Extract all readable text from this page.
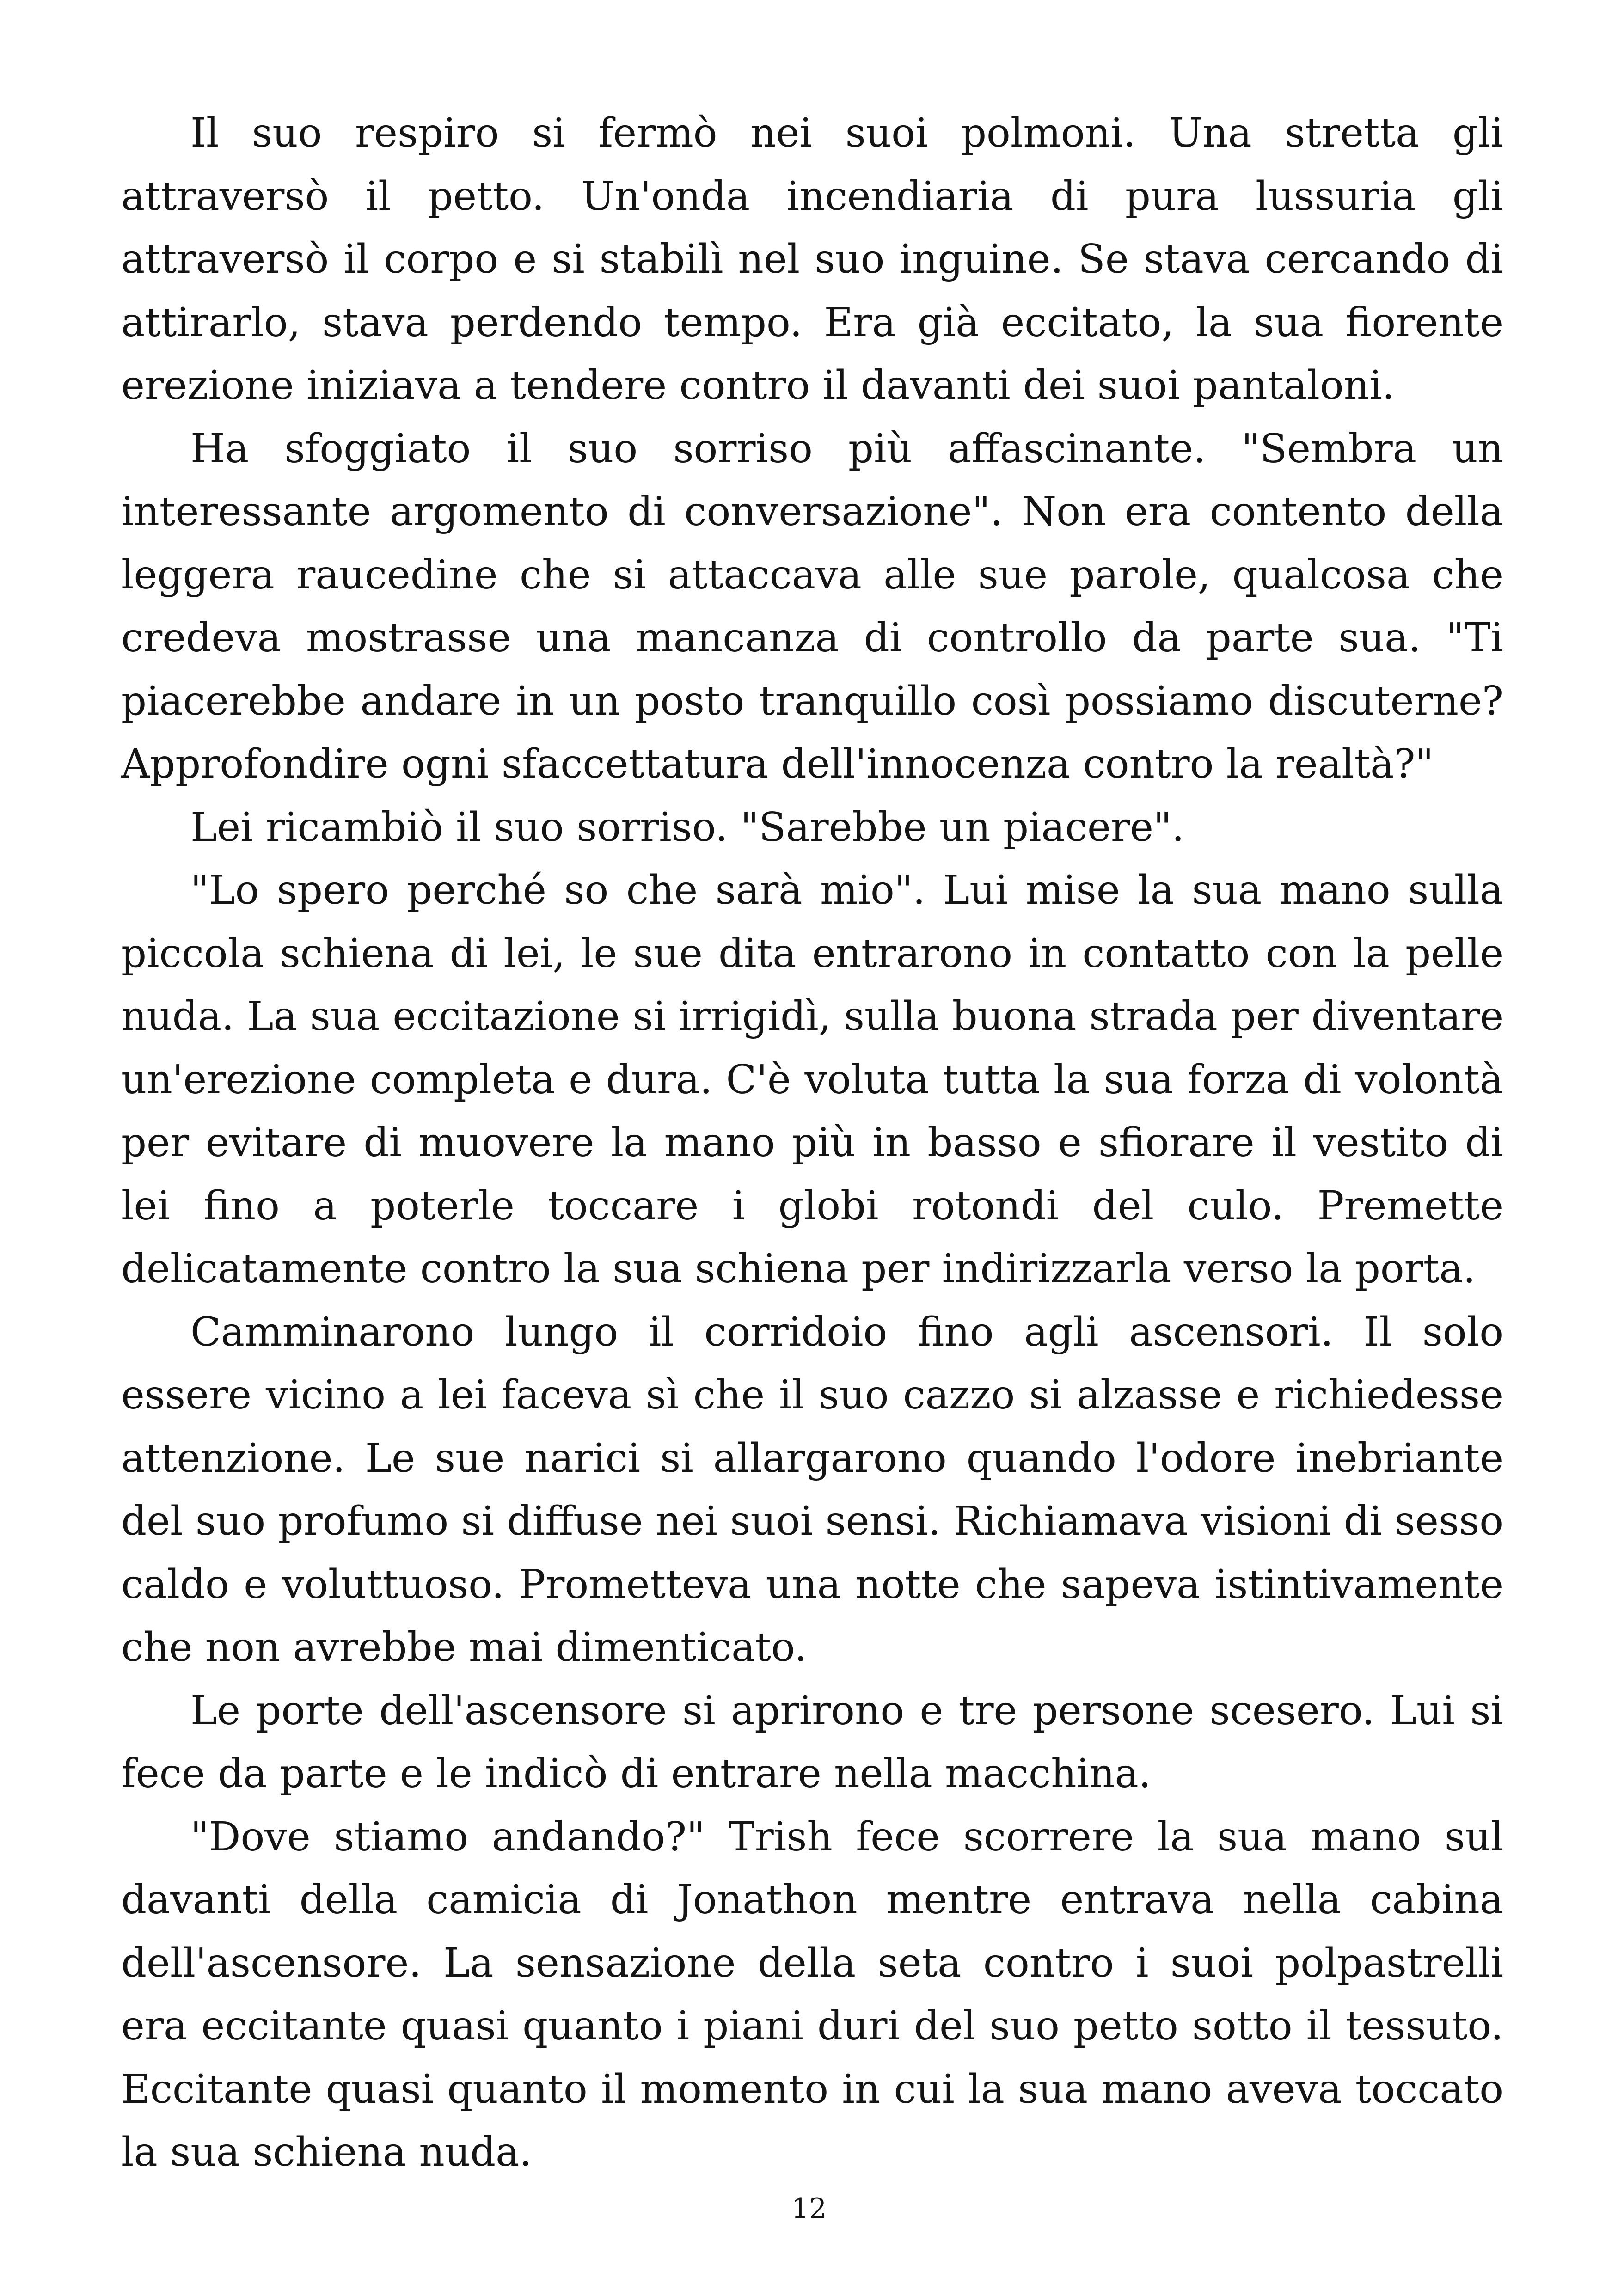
Il suo respiro si fermò nei suoi polmoni. Una stretta gli attraversò il petto. Un'onda incendiaria di pura lussuria gli attraversò il corpo e si stabilì nel suo inguine. Se stava cercando di attirarlo, stava perdendo tempo. Era già eccitato, la sua fiorente erezione iniziava a tendere contro il davanti dei suoi pantaloni.

Ha sfoggiato il suo sorriso più affascinante. "Sembra un interessante argomento di conversazione". Non era contento della leggera raucedine che si attaccava alle sue parole, qualcosa che credeva mostrasse una mancanza di controllo da parte sua. "Ti piacerebbe andare in un posto tranquillo così possiamo discuterne? Approfondire ogni sfaccettatura dell'innocenza contro la realtà?"

Lei ricambiò il suo sorriso. "Sarebbe un piacere".

"Lo spero perché so che sarà mio". Lui mise la sua mano sulla piccola schiena di lei, le sue dita entrarono in contatto con la pelle nuda. La sua eccitazione si irrigidì, sulla buona strada per diventare un'erezione completa e dura. C'è voluta tutta la sua forza di volontà per evitare di muovere la mano più in basso e sfiorare il vestito di lei fino a poterle toccare i globi rotondi del culo. Premette delicatamente contro la sua schiena per indirizzarla verso la porta.

Camminarono lungo il corridoio fino agli ascensori. Il solo essere vicino a lei faceva sì che il suo cazzo si alzasse e richiedesse attenzione. Le sue narici si allargarono quando l'odore inebriante del suo profumo si diffuse nei suoi sensi. Richiamava visioni di sesso caldo e voluttuoso. Prometteva una notte che sapeva istintivamente che non avrebbe mai dimenticato.

Le porte dell'ascensore si aprirono e tre persone scesero. Lui si fece da parte e le indicò di entrare nella macchina.

"Dove stiamo andando?" Trish fece scorrere la sua mano sul davanti della camicia di Jonathon mentre entrava nella cabina dell'ascensore. La sensazione della seta contro i suoi polpastrelli era eccitante quasi quanto i piani duri del suo petto sotto il tessuto. Eccitante quasi quanto il momento in cui la sua mano aveva toccato la sua schiena nuda.

12
